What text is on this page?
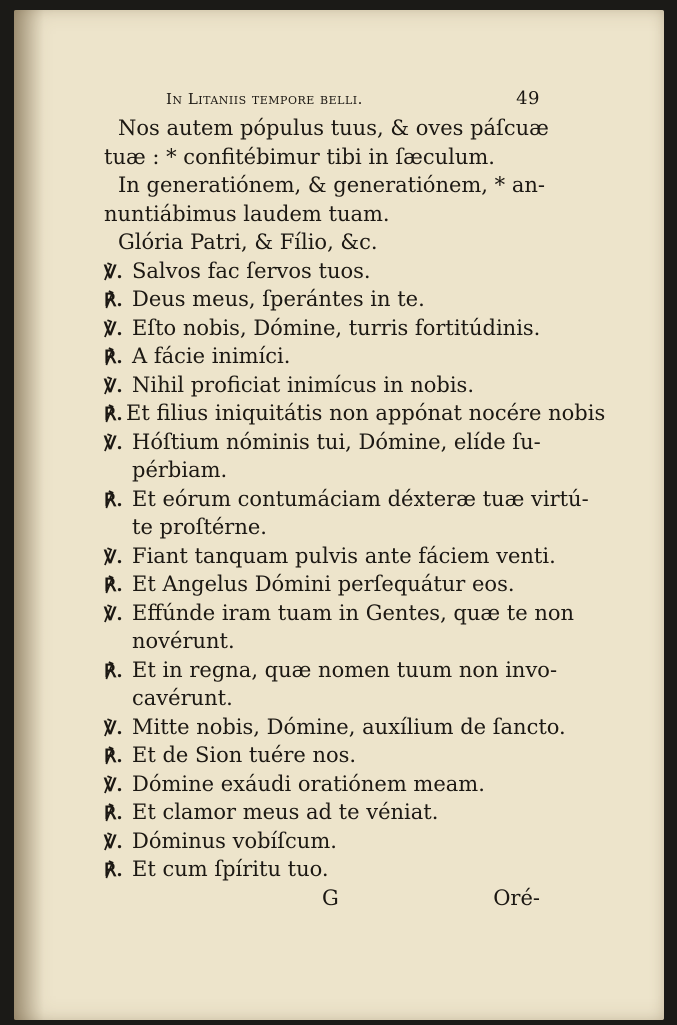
In Litaniis tempore belli.	49
Nos autem pópulus tuus, & oves páſcuæ
tuæ : * confitébimur tibi in ſæculum.
In generatiónem, & generatiónem, * an-
nuntiábimus laudem tuam.
Glória Patri, & Fílio, &c.
℣. Salvos fac ſervos tuos.
℟. Deus meus, ſperántes in te.
℣. Eſto nobis, Dómine, turris fortitúdinis.
℟. A fácie inimíci.
℣. Nihil proficiat inimícus in nobis.
℟. Et filius iniquitátis non appónat nocére nobis
℣. Hóſtium nóminis tui, Dómine, elíde ſu-
pérbiam.
℟. Et eórum contumáciam déxteræ tuæ virtú-
te proſtérne.
℣. Fiant tanquam pulvis ante fáciem venti.
℟. Et Angelus Dómini perſequátur eos.
℣. Effúnde iram tuam in Gentes, quæ te non
novérunt.
℟. Et in regna, quæ nomen tuum non invo-
cavérunt.
℣. Mitte nobis, Dómine, auxílium de ſancto.
℟. Et de Sion tuére nos.
℣. Dómine exáudi oratiónem meam.
℟. Et clamor meus ad te véniat.
℣. Dóminus vobíſcum.
℟. Et cum ſpíritu tuo.
G	Oré-
